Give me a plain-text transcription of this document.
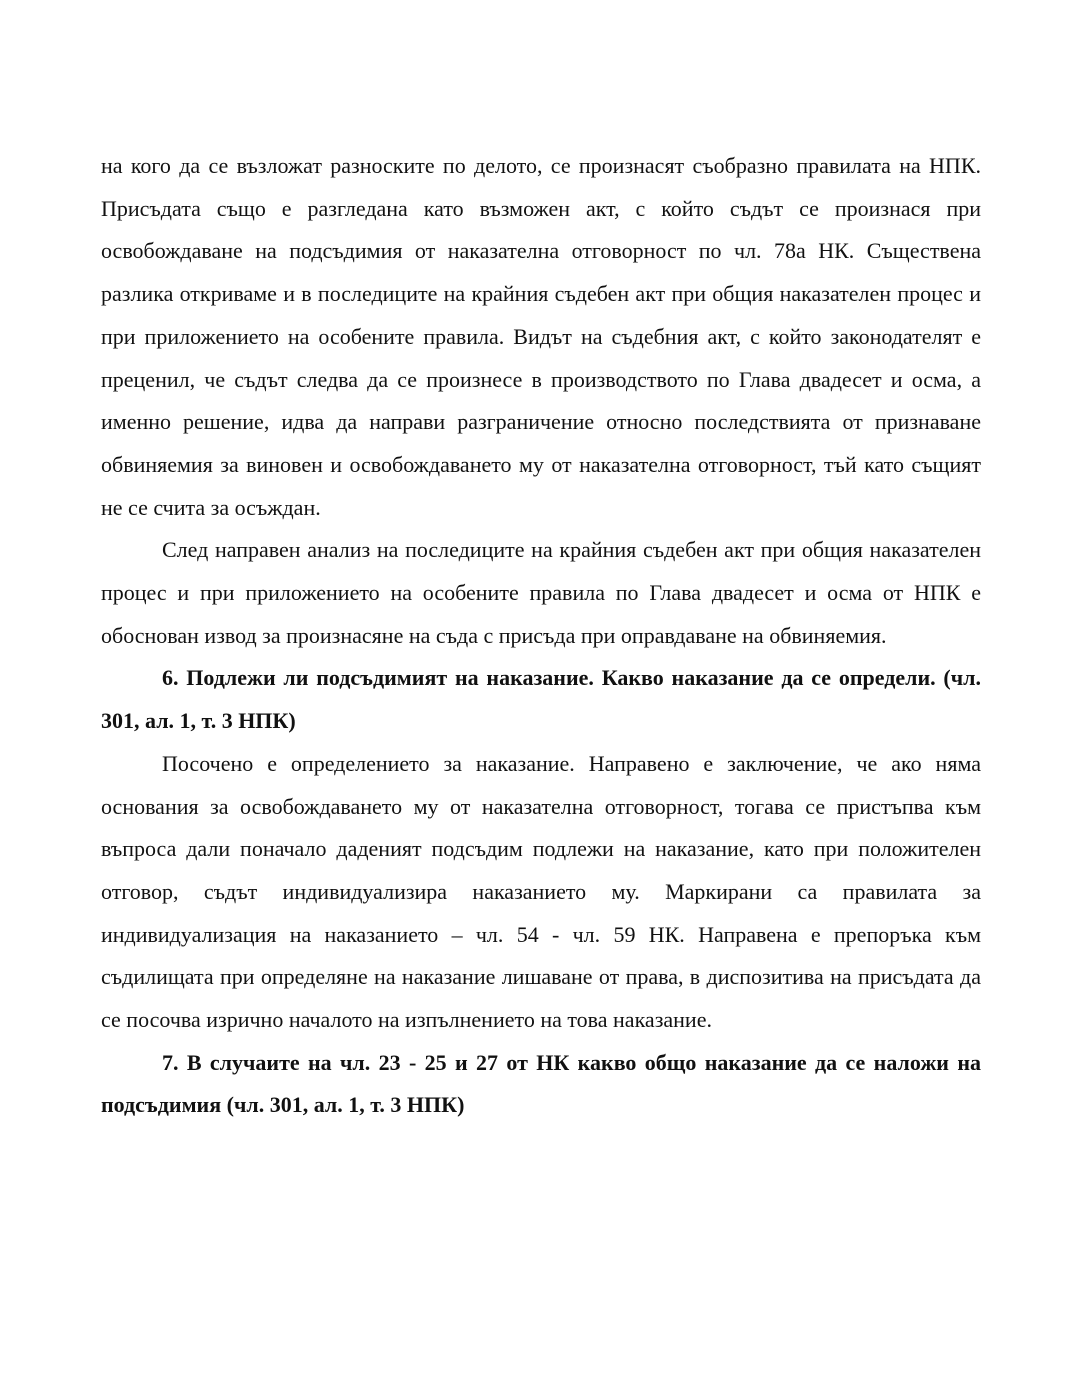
на кого да се възложат разноските по делото, се произнасят съобразно правилата на НПК. Присъдата също е разгледана като възможен акт, с който съдът се произнася при освобождаване на подсъдимия от наказателна отговорност по чл. 78а НК. Съществена разлика откриваме и в последиците на крайния съдебен акт при общия наказателен процес и при приложението на особените правила. Видът на съдебния акт, с който законодателят е преценил, че съдът следва да се произнесе в производството по Глава двадесет и осма, а именно решение, идва да направи разграничение относно последствията от признаване обвиняемия за виновен и освобождаването му от наказателна отговорност, тъй като същият не се счита за осъждан.

След направен анализ на последиците на крайния съдебен акт при общия наказателен процес и при приложението на особените правила по Глава двадесет и осма от НПК е обоснован извод за произнасяне на съда с присъда при оправдаване на обвиняемия.

6. Подлежи ли подсъдимият на наказание. Какво наказание да се определи. (чл. 301, ал. 1, т. 3 НПК)

Посочено е определението за наказание. Направено е заключение, че ако няма основания за освобождаването му от наказателна отговорност, тогава се пристъпва към въпроса дали поначало даденият подсъдим подлежи на наказание, като при положителен отговор, съдът индивидуализира наказанието му. Маркирани са правилата за индивидуализация на наказанието – чл. 54 - чл. 59 НК. Направена е препоръка към съдилищата при определяне на наказание лишаване от права, в диспозитива на присъдата да се посочва изрично началото на изпълнението на това наказание.

7. В случаите на чл. 23 - 25 и 27 от НК какво общо наказание да се наложи на подсъдимия (чл. 301, ал. 1, т. 3 НПК)
